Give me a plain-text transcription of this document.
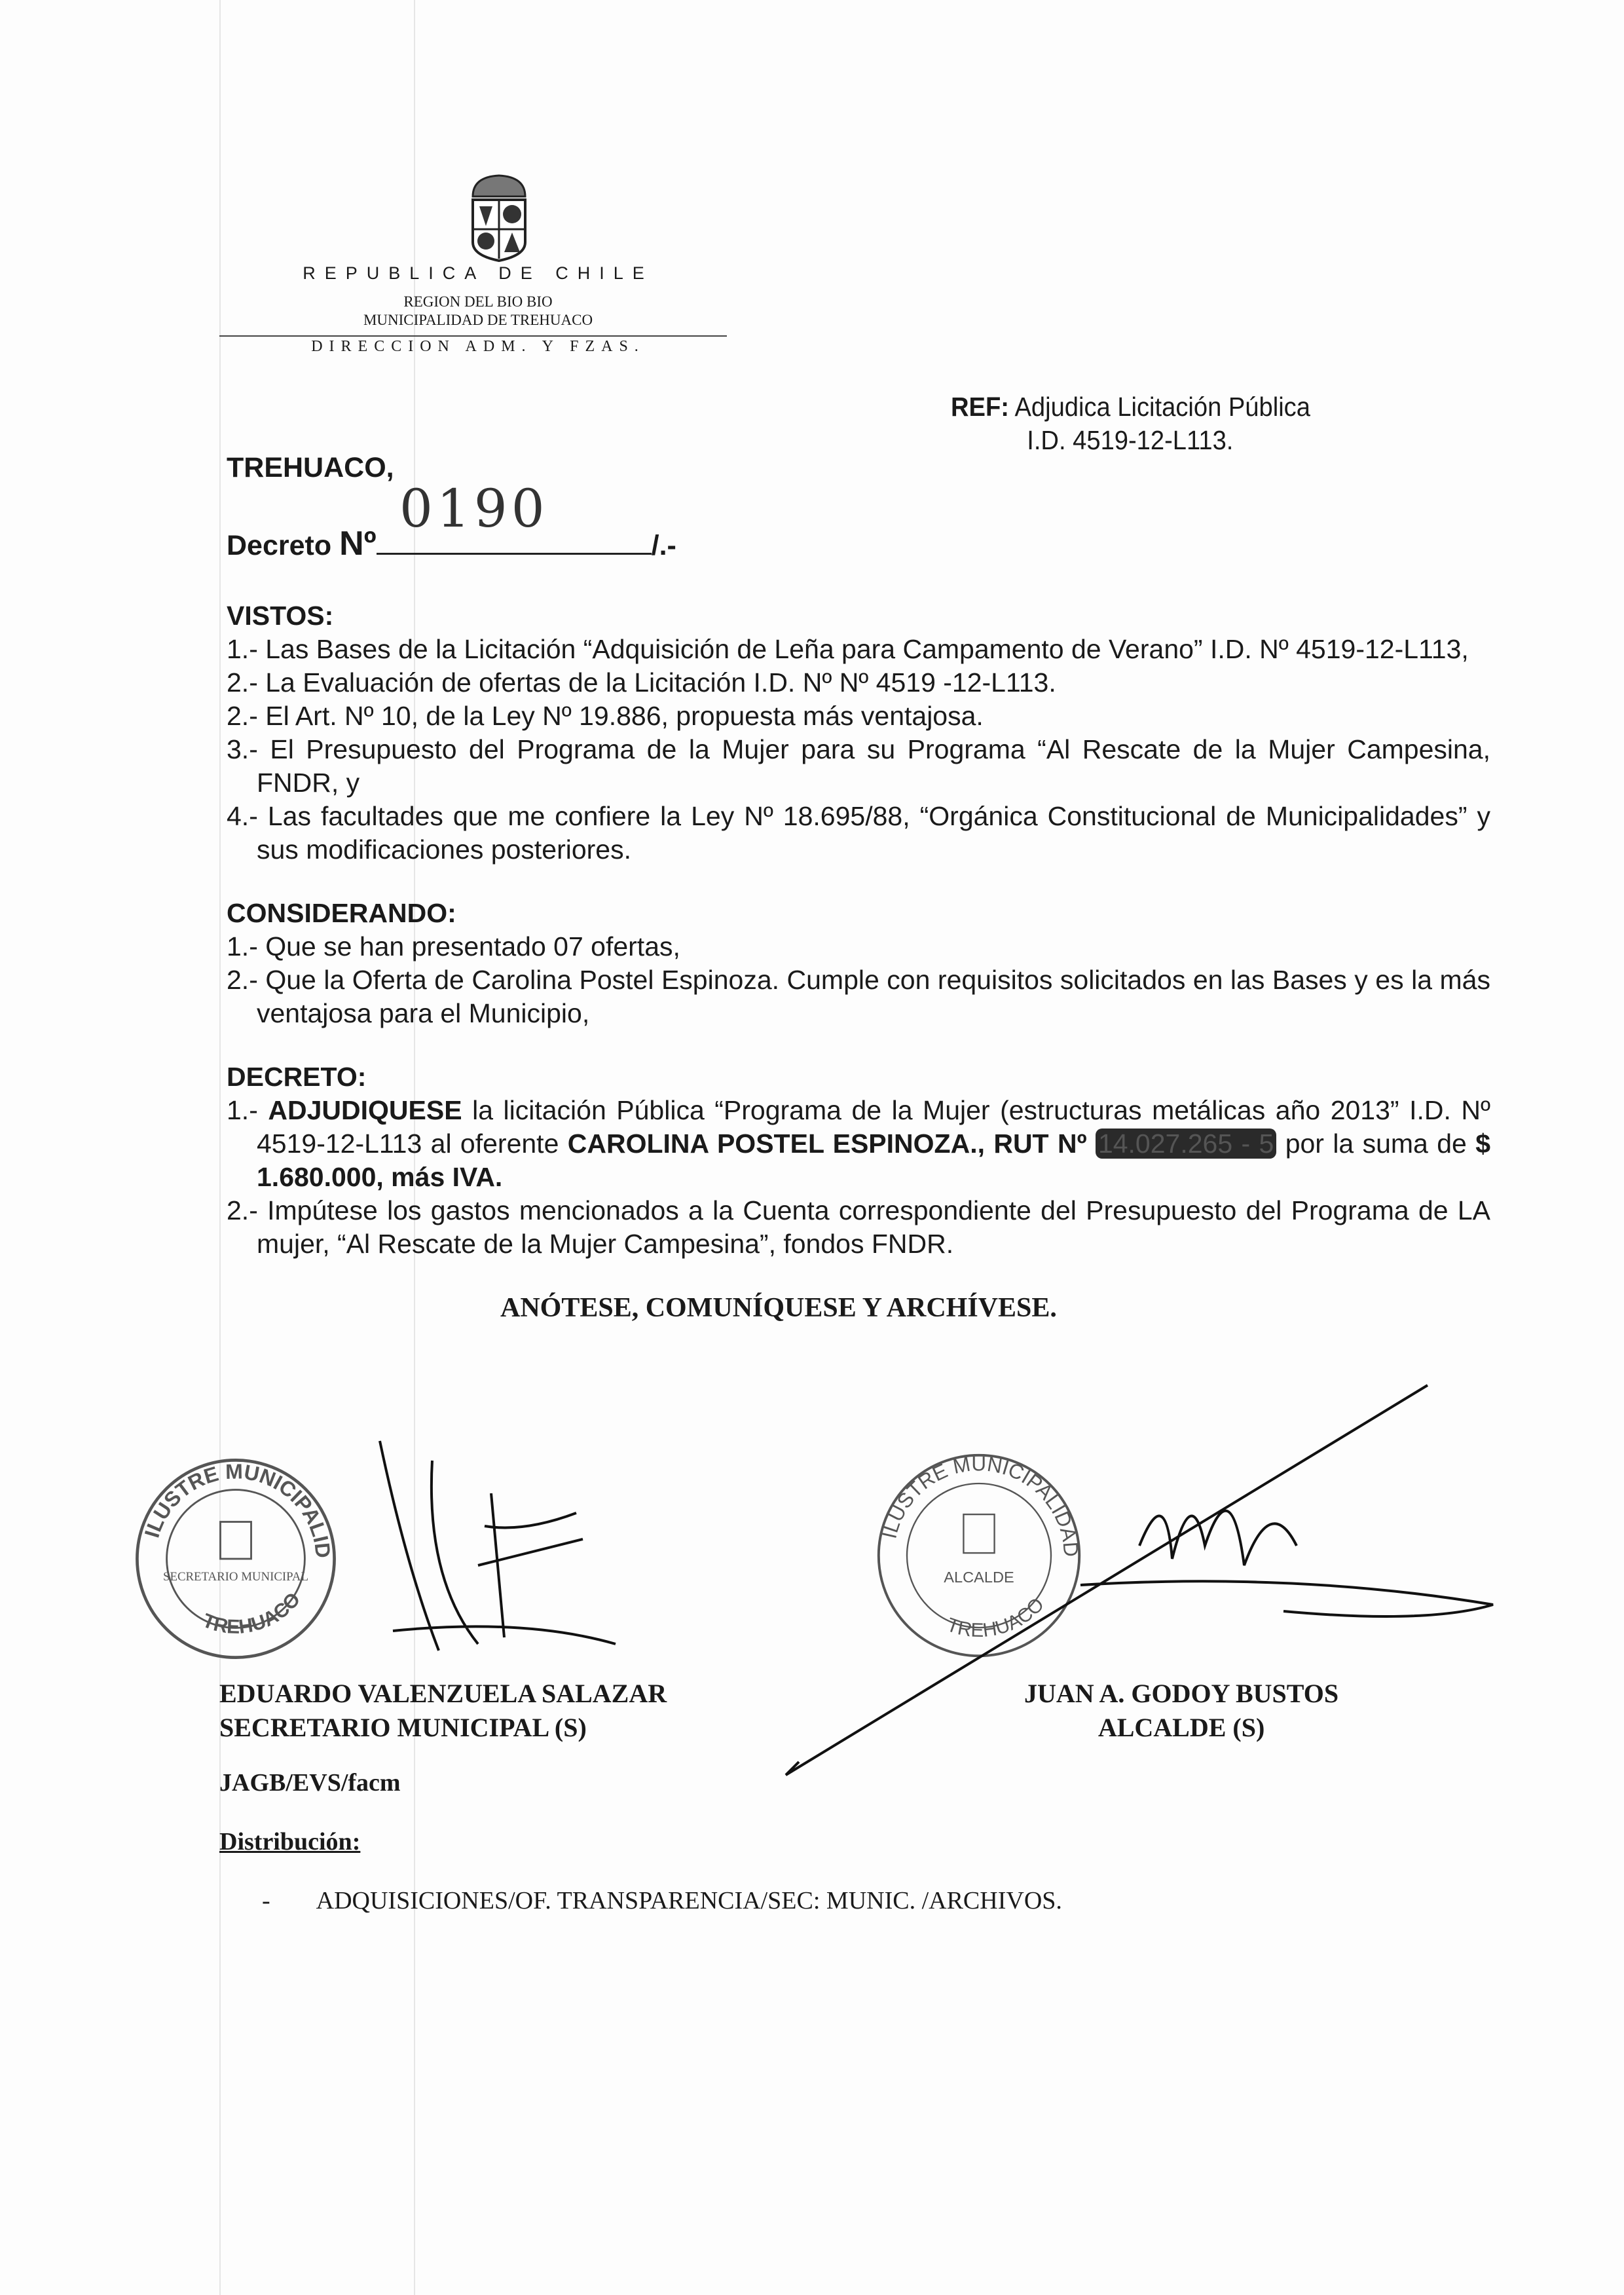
REPUBLICA DE CHILE
REGION DEL BIO BIO
MUNICIPALIDAD DE TREHUACO
DIRECCION ADM. Y FZAS.
REF: Adjudica Licitación Pública
I.D. 4519-12-L113.
TREHUACO,
Decreto Nº	/.-
0190
VISTOS:
1.- Las Bases de la Licitación “Adquisición de Leña para Campamento de Verano” I.D. Nº 4519-12-L113,
2.- La Evaluación de ofertas de la Licitación I.D. Nº Nº 4519 -12-L113.
2.- El Art. Nº 10, de la Ley Nº 19.886, propuesta más ventajosa.
3.- El Presupuesto del Programa de la Mujer para su Programa “Al Rescate de la Mujer Campesina, FNDR, y
4.- Las facultades que me confiere la Ley Nº 18.695/88, “Orgánica Constitucional de Municipalidades” y sus modificaciones posteriores.
CONSIDERANDO:
1.- Que se han presentado 07 ofertas,
2.- Que la Oferta de Carolina Postel Espinoza. Cumple con requisitos solicitados en las Bases y es la más ventajosa para el Municipio,
DECRETO:
1.- ADJUDIQUESE la licitación Pública “Programa de la Mujer (estructuras metálicas año 2013” I.D. Nº 4519-12-L113 al oferente CAROLINA POSTEL ESPINOZA., RUT Nº 14.027.265 - 5 por la suma de $ 1.680.000, más IVA.
2.- Impútese los gastos mencionados a la Cuenta correspondiente del Presupuesto del Programa de LA mujer, “Al Rescate de la Mujer Campesina”, fondos FNDR.
ANÓTESE, COMUNÍQUESE Y ARCHÍVESE.
ILUSTRE MUNICIPALIDAD
TREHUACO
SECRETARIO MUNICIPAL
ILUSTRE MUNICIPALIDAD
TREHUACO
ALCALDE
EDUARDO VALENZUELA SALAZAR
SECRETARIO MUNICIPAL (S)
JUAN A. GODOY BUSTOS
ALCALDE (S)
JAGB/EVS/facm
Distribución:
- ADQUISICIONES/OF. TRANSPARENCIA/SEC: MUNIC. /ARCHIVOS.
